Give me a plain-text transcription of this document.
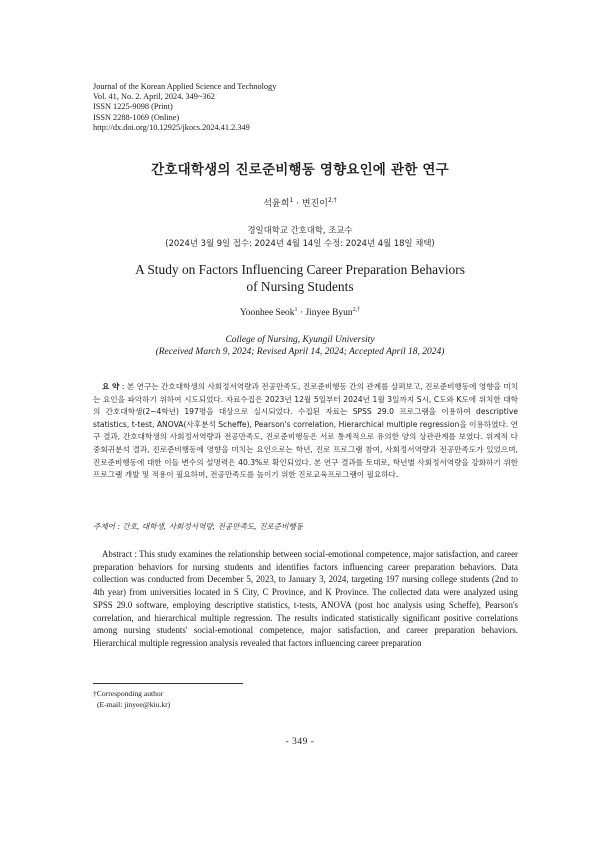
Journal of the Korean Applied Science and Technology
Vol. 41, No. 2. April, 2024. 349~362
ISSN 1225-9098 (Print)
ISSN 2288-1069 (Online)
http://dx.doi.org/10.12925/jkocs.2024.41.2.349
간호대학생의 진로준비행동 영향요인에 관한 연구
석윤희$^1$ · 변진이$^{2,\dagger}$
경일대학교 간호대학, 조교수
(2024년 3월 9일 접수: 2024년 4월 14일 수정: 2024년 4월 18일 채택)
A Study on Factors Influencing Career Preparation Behaviors
of Nursing Students
Yoonhee Seok$^1$ · Jinyee Byun$^{2,\dagger}$
College of Nursing, Kyungil University
(Received March 9, 2024; Revised April 14, 2024; Accepted April 18, 2024)
요 약 : 본 연구는 간호대학생의 사회정서역량과 전공만족도, 진로준비행동 간의 관계를 살펴보고, 진로준비행동에 영향을 미치는 요인을 파악하기 위하여 시도되었다. 자료수집은 2023년 12월 5일부터 2024년 1월 3일까지 S시, C도와 K도에 위치한 대학의 간호대학생(2~4학년) 197명을 대상으로 실시되었다. 수집된 자료는 SPSS 29.0 프로그램을 이용하여 descriptive statistics, t-test, ANOVA(사후분석 Scheffe), Pearson's correlation, Hierarchical multiple regression을 이용하였다. 연구 결과, 간호대학생의 사회정서역량과 전공만족도, 진로준비행동은 서로 통계적으로 유의한 양의 상관관계를 보였다. 위계적 다중회귀분석 결과, 진로준비행동에 영향을 미치는 요인으로는 학년, 진로 프로그램 참여, 사회정서역량과 전공만족도가 있었으며, 진로준비행동에 대한 이들 변수의 설명력은 40.3%로 확인되었다. 본 연구 결과를 토대로, 학년별 사회정서역량을 강화하기 위한 프로그램 개발 및 적용이 필요하며, 전공만족도를 높이기 위한 진로교육프로그램이 필요하다.
주제어 : 간호, 대학생, 사회정서역량, 전공만족도, 진로준비행동
Abstract : This study examines the relationship between social-emotional competence, major satisfaction, and career preparation behaviors for nursing students and identifies factors influencing career preparation behaviors. Data collection was conducted from December 5, 2023, to January 3, 2024, targeting 197 nursing college students (2nd to 4th year) from universities located in S City, C Province, and K Province. The collected data were analyzed using SPSS 29.0 software, employing descriptive statistics, t-tests, ANOVA (post hoc analysis using Scheffe), Pearson's correlation, and hierarchical multiple regression. The results indicated statistically significant positive correlations among nursing students' social-emotional competence, major satisfaction, and career preparation behaviors. Hierarchical multiple regression analysis revealed that factors influencing career preparation
†Corresponding author
(E-mail: jinyee@kiu.kr)
- 349 -
